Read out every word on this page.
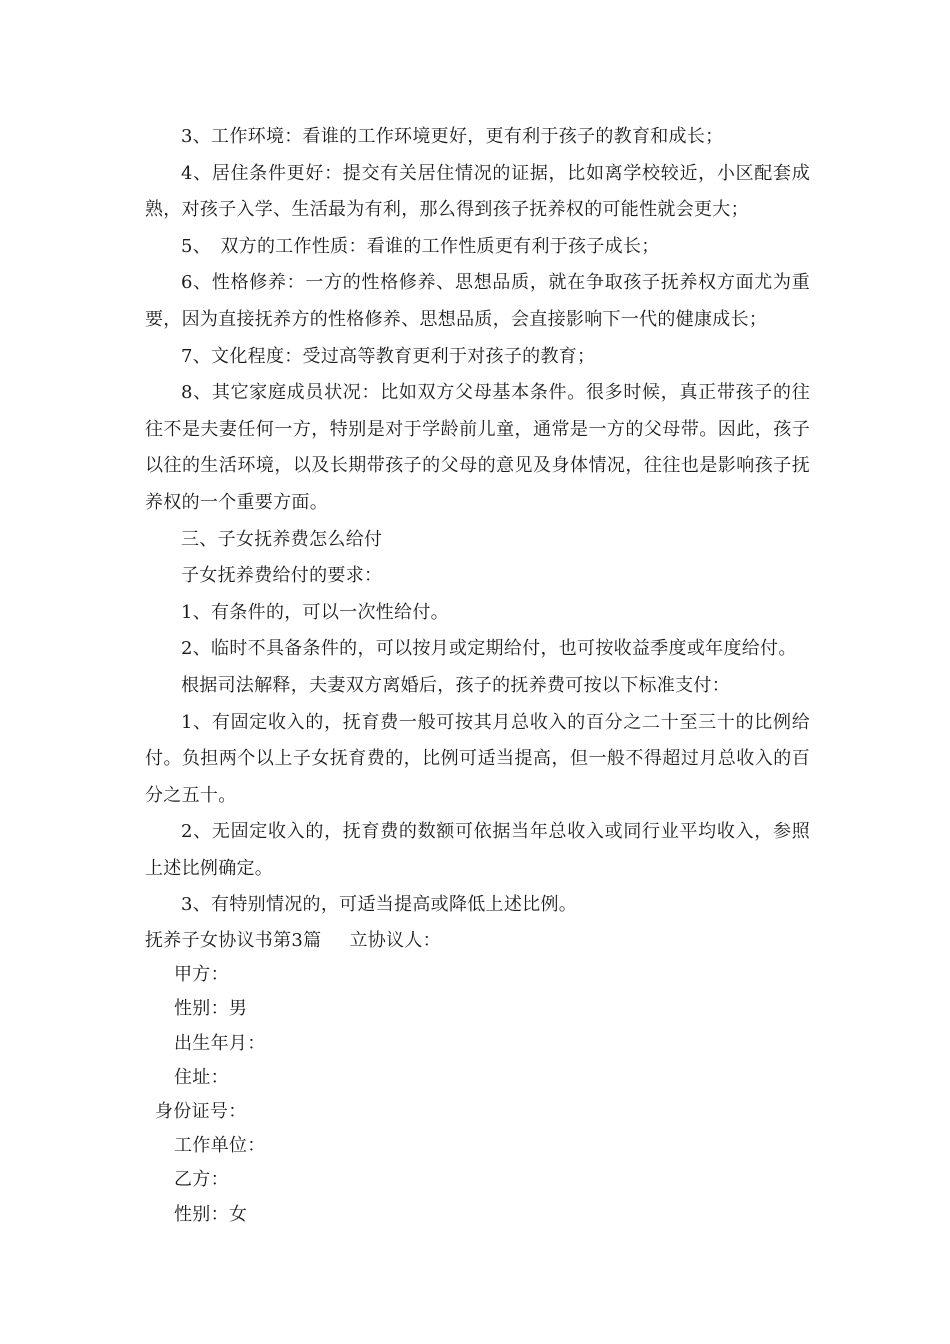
3、工作环境：看谁的工作环境更好，更有利于孩子的教育和成长；

4、居住条件更好：提交有关居住情况的证据，比如离学校较近，小区配套成熟，对孩子入学、生活最为有利，那么得到孩子抚养权的可能性就会更大；

5、　双方的工作性质：看谁的工作性质更有利于孩子成长；

6、性格修养：一方的性格修养、思想品质，就在争取孩子抚养权方面尤为重要，因为直接抚养方的性格修养、思想品质，会直接影响下一代的健康成长；

7、文化程度：受过高等教育更利于对孩子的教育；

8、其它家庭成员状况：比如双方父母基本条件。很多时候，真正带孩子的往往不是夫妻任何一方，特别是对于学龄前儿童，通常是一方的父母带。因此，孩子以往的生活环境，以及长期带孩子的父母的意见及身体情况，往往也是影响孩子抚养权的一个重要方面。

三、子女抚养费怎么给付

子女抚养费给付的要求：

1、有条件的，可以一次性给付。

2、临时不具备条件的，可以按月或定期给付，也可按收益季度或年度给付。

根据司法解释，夫妻双方离婚后，孩子的抚养费可按以下标准支付：

1、有固定收入的，抚育费一般可按其月总收入的百分之二十至三十的比例给付。负担两个以上子女抚育费的，比例可适当提高，但一般不得超过月总收入的百分之五十。

2、无固定收入的，抚育费的数额可依据当年总收入或同行业平均收入，参照上述比例确定。

3、有特别情况的，可适当提高或降低上述比例。

抚养子女协议书第3篇 立协议人：

甲方：

性别：男

出生年月：

住址：

身份证号：

工作单位：

乙方：

性别：女
